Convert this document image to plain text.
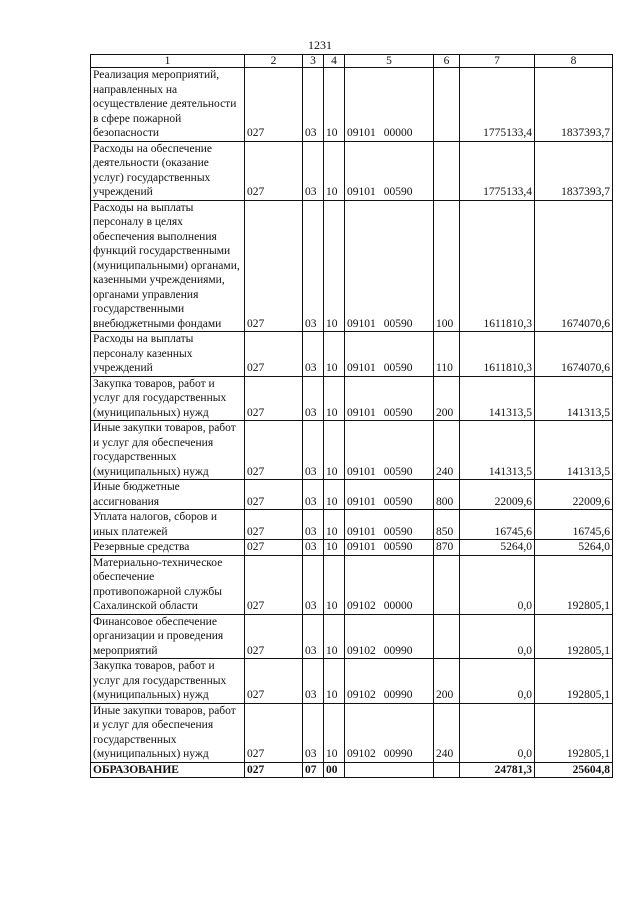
1231
1	2	3	4	5	6	7	8
Реализация мероприятий, направленных на осуществление деятельности в сфере пожарной безопасности	027	03	10	09101 00000		1775133,4	1837393,7
Расходы на обеспечение деятельности (оказание услуг) государственных учреждений	027	03	10	09101 00590		1775133,4	1837393,7
Расходы на выплаты персоналу в целях обеспечения выполнения функций государственными (муниципальными) органами, казенными учреждениями, органами управления государственными внебюджетными фондами	027	03	10	09101 00590	100	1611810,3	1674070,6
Расходы на выплаты персоналу казенных учреждений	027	03	10	09101 00590	110	1611810,3	1674070,6
Закупка товаров, работ и услуг для государственных (муниципальных) нужд	027	03	10	09101 00590	200	141313,5	141313,5
Иные закупки товаров, работ и услуг для обеспечения государственных (муниципальных) нужд	027	03	10	09101 00590	240	141313,5	141313,5
Иные бюджетные ассигнования	027	03	10	09101 00590	800	22009,6	22009,6
Уплата налогов, сборов и иных платежей	027	03	10	09101 00590	850	16745,6	16745,6
Резервные средства	027	03	10	09101 00590	870	5264,0	5264,0
Материально-техническое обеспечение противопожарной службы Сахалинской области	027	03	10	09102 00000		0,0	192805,1
Финансовое обеспечение организации и проведения мероприятий	027	03	10	09102 00990		0,0	192805,1
Закупка товаров, работ и услуг для государственных (муниципальных) нужд	027	03	10	09102 00990	200	0,0	192805,1
Иные закупки товаров, работ и услуг для обеспечения государственных (муниципальных) нужд	027	03	10	09102 00990	240	0,0	192805,1
ОБРАЗОВАНИЕ	027	07	00			24781,3	25604,8
